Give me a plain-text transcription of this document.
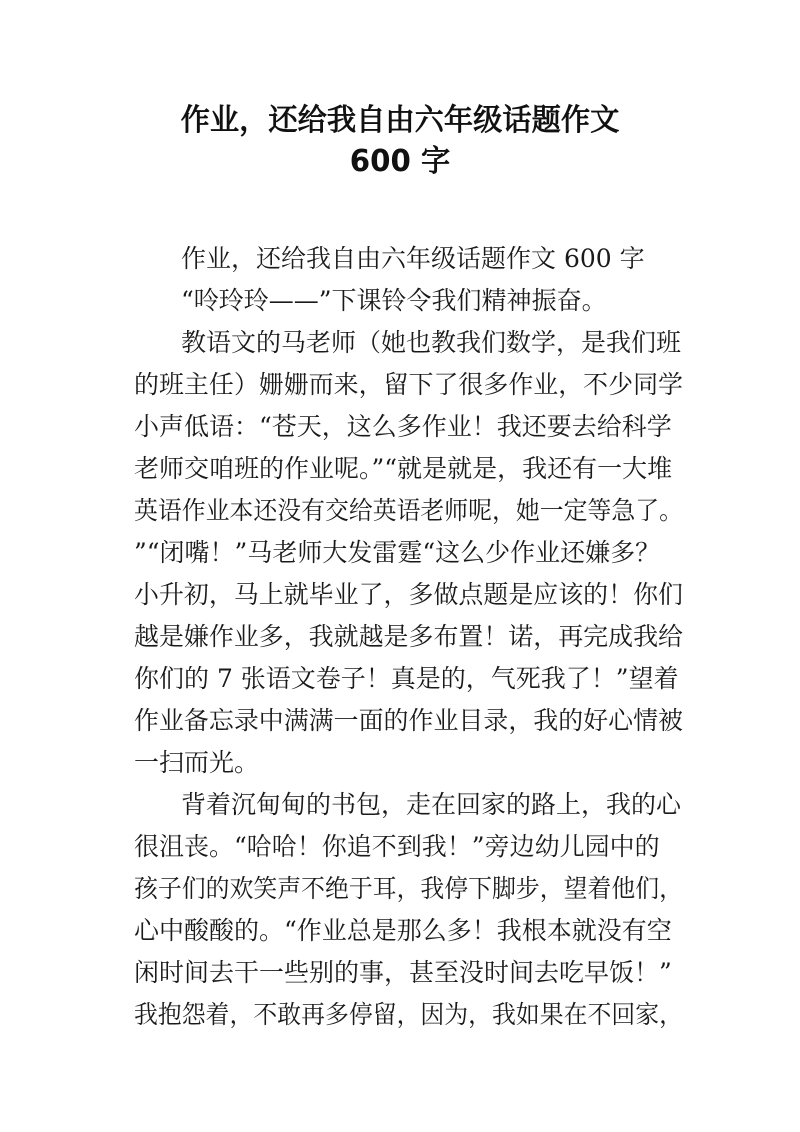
作业，还给我自由六年级话题作文
600 字
作业，还给我自由六年级话题作文 600 字
“呤玲玲——”下课铃令我们精神振奋。
教语文的马老师（她也教我们数学，是我们班
的班主任）姗姗而来，留下了很多作业，不少同学
小声低语：“苍天，这么多作业！我还要去给科学
老师交咱班的作业呢。”“就是就是，我还有一大堆
英语作业本还没有交给英语老师呢，她一定等急了。
”“闭嘴！”马老师大发雷霆“这么少作业还嫌多？
小升初，马上就毕业了，多做点题是应该的！你们
越是嫌作业多，我就越是多布置！诺，再完成我给
你们的 7 张语文卷子！真是的，气死我了！”望着
作业备忘录中满满一面的作业目录，我的好心情被
一扫而光。
背着沉甸甸的书包，走在回家的路上，我的心
很沮丧。“哈哈！你追不到我！”旁边幼儿园中的
孩子们的欢笑声不绝于耳，我停下脚步，望着他们，
心中酸酸的。“作业总是那么多！我根本就没有空
闲时间去干一些别的事，甚至没时间去吃早饭！”
我抱怨着，不敢再多停留，因为，我如果在不回家，
